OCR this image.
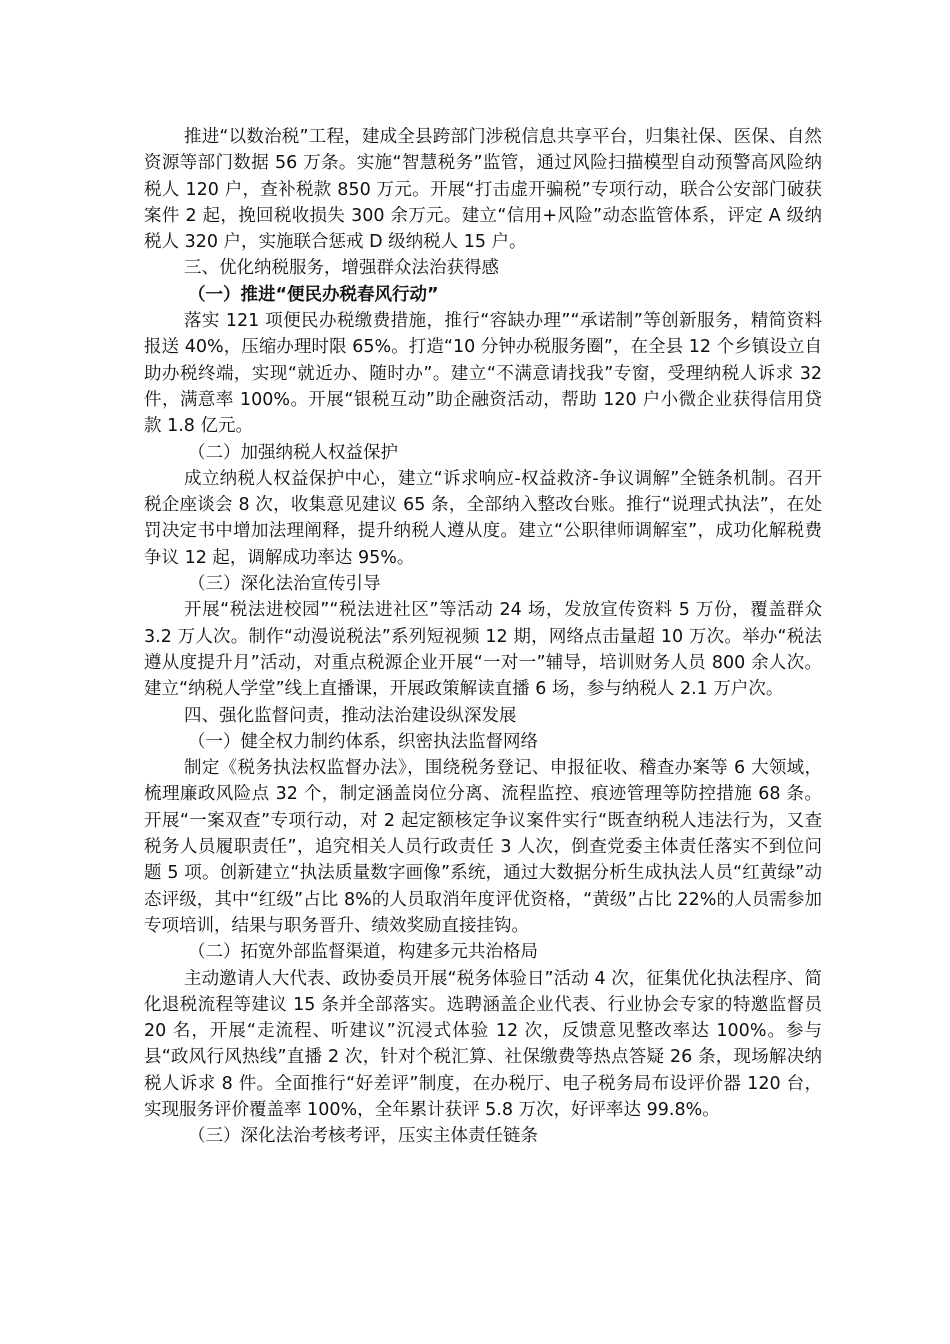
推进“以数治税”工程，建成全县跨部门涉税信息共享平台，归集社保、医保、自然资源等部门数据 56 万条。实施“智慧税务”监管，通过风险扫描模型自动预警高风险纳税人 120 户，查补税款 850 万元。开展“打击虚开骗税”专项行动，联合公安部门破获案件 2 起，挽回税收损失 300 余万元。建立“信用+风险”动态监管体系，评定 A 级纳税人 320 户，实施联合惩戒 D 级纳税人 15 户。

三、优化纳税服务，增强群众法治获得感

（一）推进“便民办税春风行动”

落实 121 项便民办税缴费措施，推行“容缺办理”“承诺制”等创新服务，精简资料报送 40%，压缩办理时限 65%。打造“10 分钟办税服务圈”，在全县 12 个乡镇设立自助办税终端，实现“就近办、随时办”。建立“不满意请找我”专窗，受理纳税人诉求 32 件，满意率 100%。开展“银税互动”助企融资活动，帮助 120 户小微企业获得信用贷款 1.8 亿元。

（二）加强纳税人权益保护

成立纳税人权益保护中心，建立“诉求响应-权益救济-争议调解”全链条机制。召开税企座谈会 8 次，收集意见建议 65 条，全部纳入整改台账。推行“说理式执法”，在处罚决定书中增加法理阐释，提升纳税人遵从度。建立“公职律师调解室”，成功化解税费争议 12 起，调解成功率达 95%。

（三）深化法治宣传引导

开展“税法进校园”“税法进社区”等活动 24 场，发放宣传资料 5 万份，覆盖群众 3.2 万人次。制作“动漫说税法”系列短视频 12 期，网络点击量超 10 万次。举办“税法遵从度提升月”活动，对重点税源企业开展“一对一”辅导，培训财务人员 800 余人次。建立“纳税人学堂”线上直播课，开展政策解读直播 6 场，参与纳税人 2.1 万户次。

四、强化监督问责，推动法治建设纵深发展

（一）健全权力制约体系，织密执法监督网络

制定《税务执法权监督办法》，围绕税务登记、申报征收、稽查办案等 6 大领域，梳理廉政风险点 32 个，制定涵盖岗位分离、流程监控、痕迹管理等防控措施 68 条。开展“一案双查”专项行动，对 2 起定额核定争议案件实行“既查纳税人违法行为，又查税务人员履职责任”，追究相关人员行政责任 3 人次，倒查党委主体责任落实不到位问题 5 项。创新建立“执法质量数字画像”系统，通过大数据分析生成执法人员“红黄绿”动态评级，其中“红级”占比 8%的人员取消年度评优资格，“黄级”占比 22%的人员需参加专项培训，结果与职务晋升、绩效奖励直接挂钩。

（二）拓宽外部监督渠道，构建多元共治格局

主动邀请人大代表、政协委员开展“税务体验日”活动 4 次，征集优化执法程序、简化退税流程等建议 15 条并全部落实。选聘涵盖企业代表、行业协会专家的特邀监督员 20 名，开展“走流程、听建议”沉浸式体验 12 次，反馈意见整改率达 100%。参与县“政风行风热线”直播 2 次，针对个税汇算、社保缴费等热点答疑 26 条，现场解决纳税人诉求 8 件。全面推行“好差评”制度，在办税厅、电子税务局布设评价器 120 台，实现服务评价覆盖率 100%，全年累计获评 5.8 万次，好评率达 99.8%。

（三）深化法治考核考评，压实主体责任链条
